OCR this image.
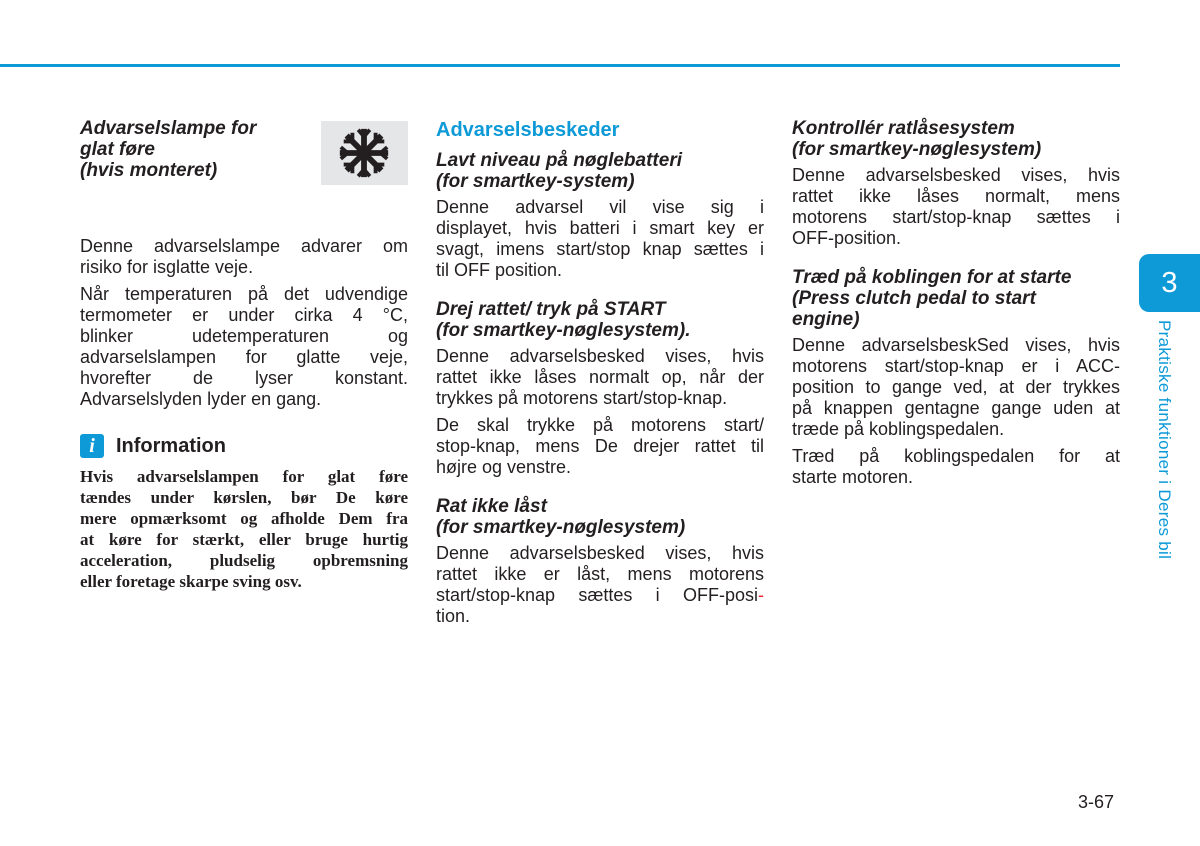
Advarselslampe for
glat føre
(hvis monteret)
Denne advarselslampe advarer om
risiko for isglatte veje.
Når temperaturen på det udvendige
termometer er under cirka 4 °C,
blinker udetemperaturen og
advarselslampen for glatte veje,
hvorefter de lyser konstant.
Advarselslyden lyder en gang.
i	Information
Hvis advarselslampen for glat føre
tændes under kørslen, bør De køre
mere opmærksomt og afholde Dem fra
at køre for stærkt, eller bruge hurtig
acceleration, pludselig opbremsning
eller foretage skarpe sving osv.
Advarselsbeskeder
Lavt niveau på nøglebatteri
(for smartkey-system)
Denne advarsel vil vise sig i
displayet, hvis batteri i smart key er
svagt, imens start/stop knap sættes i
til OFF position.
Drej rattet/ tryk på START
(for smartkey-nøglesystem).
Denne advarselsbesked vises, hvis
rattet ikke låses normalt op, når der
trykkes på motorens start/stop-knap.
De skal trykke på motorens start/
stop-knap, mens De drejer rattet til
højre og venstre.
Rat ikke låst
(for smartkey-nøglesystem)
Denne advarselsbesked vises, hvis
rattet ikke er låst, mens motorens
start/stop-knap sættes i OFF-posi-
tion.
Kontrollér ratlåsesystem
(for smartkey-nøglesystem)
Denne advarselsbesked vises, hvis
rattet ikke låses normalt, mens
motorens start/stop-knap sættes i
OFF-position.
Træd på koblingen for at starte
(Press clutch pedal to start
engine)
Denne advarselsbeskSed vises, hvis
motorens start/stop-knap er i ACC-
position to gange ved, at der trykkes
på knappen gentagne gange uden at
træde på koblingspedalen.
Træd på koblingspedalen for at
starte motoren.
3
Praktiske funktioner i Deres bil
3-67
